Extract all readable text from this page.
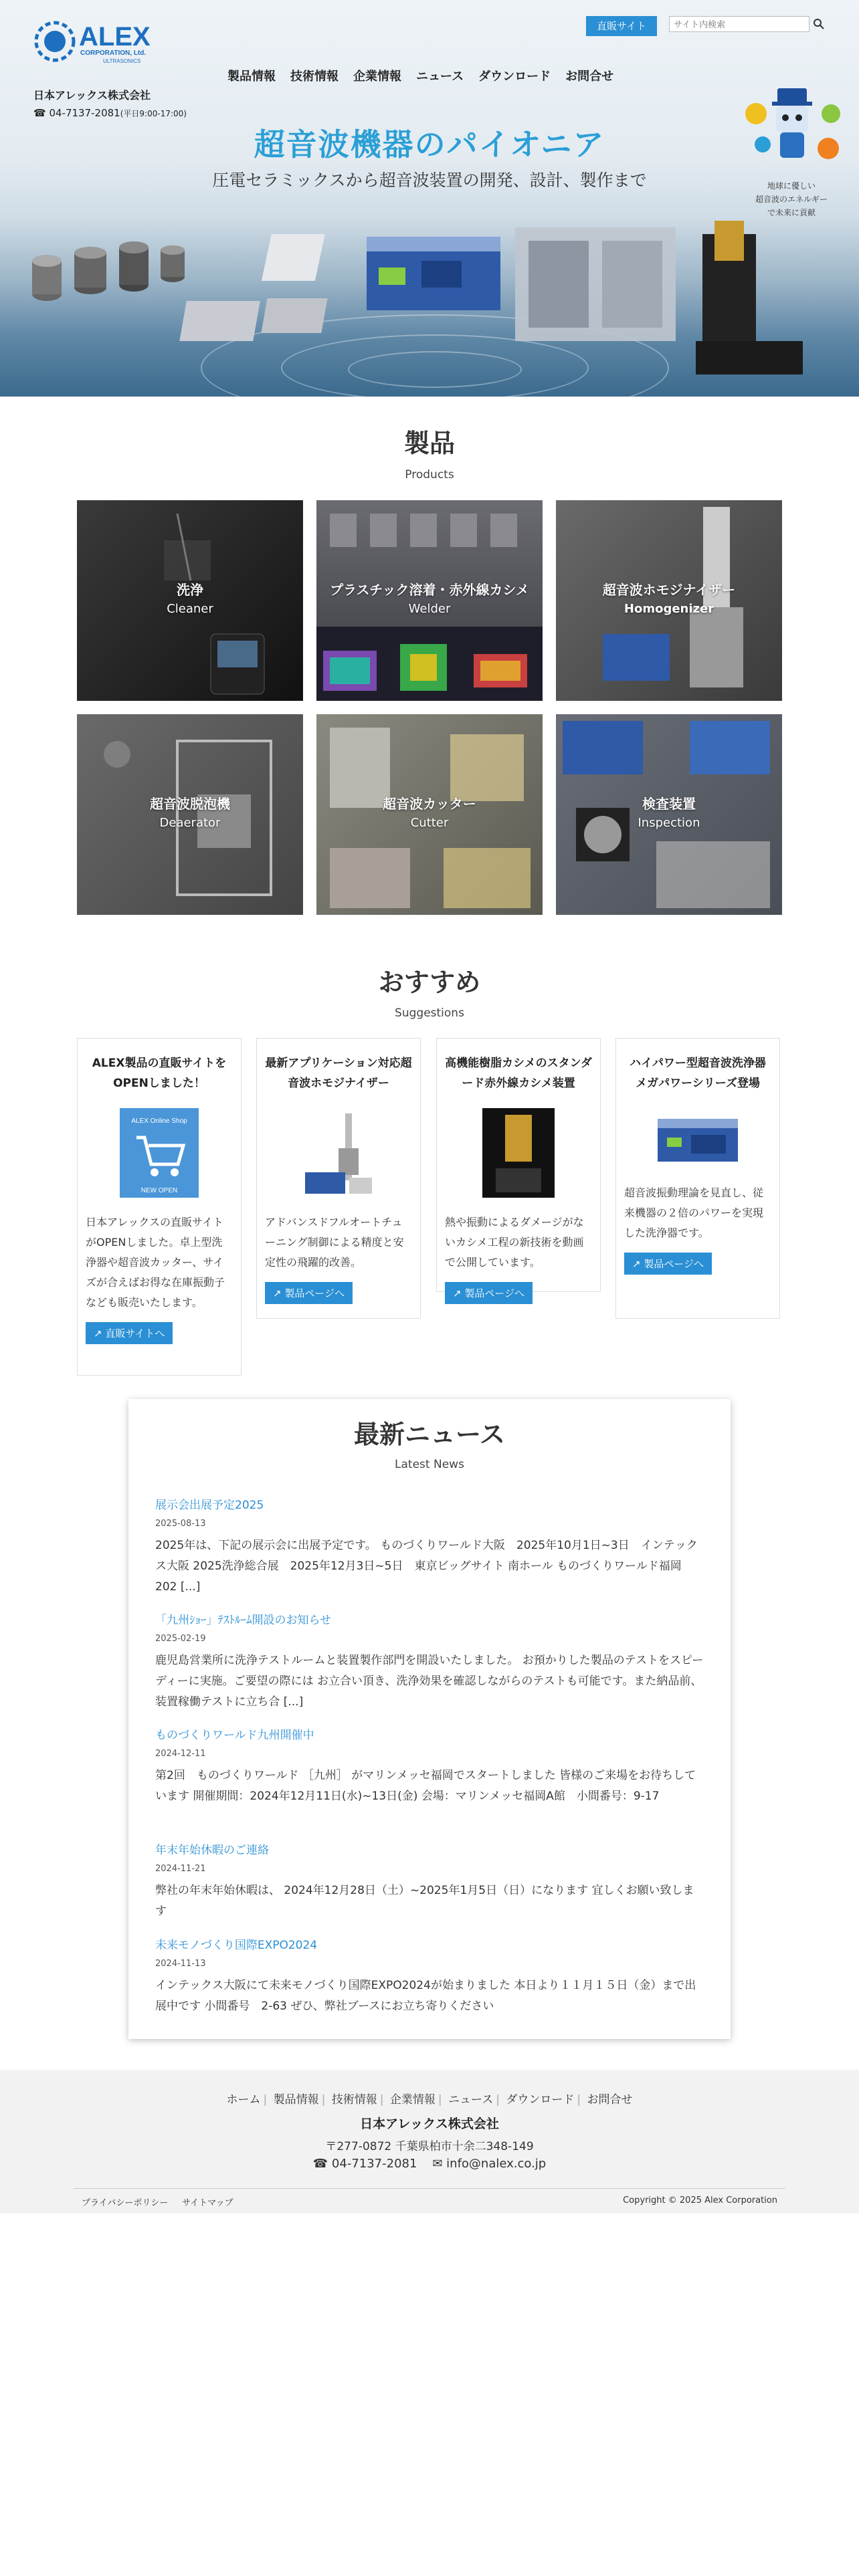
ALEX
CORPORATION, Ltd.
ULTRASONICS
日本アレックス株式会社
☎ 04-7137-2081(平日9:00-17:00)
直販サイト
サイト内検索
製品情報 技術情報 企業情報 ニュース ダウンロード お問合せ
超音波機器のパイオニア
圧電セラミックスから超音波装置の開発、設計、製作まで	地球に優しい
超音波のエネルギー
で未来に貢献
製品
Products
洗浄
Cleaner
プラスチック溶着・赤外線カシメ
Welder
超音波ホモジナイザー
Homogenizer
超音波脱泡機
Deaerator
超音波カッター
Cutter
検査装置
Inspection
おすすめ
Suggestions
ALEX製品の直販サイトをOPENしました！
ALEX Online Shop
NEW OPEN

日本アレックスの直販サイトがOPENしました。卓上型洗浄器や超音波カッター、サイズが合えばお得な在庫振動子なども販売いたします。

↗ 直販サイトへ
最新アプリケーション対応超音波ホモジナイザー

アドバンスドフルオートチューニング制御による精度と安定性の飛躍的改善。

↗ 製品ページへ
高機能樹脂カシメのスタンダード赤外線カシメ装置

熱や振動によるダメージがないカシメ工程の新技術を動画で公開しています。

↗ 製品ページへ
ハイパワー型超音波洗浄器メガパワーシリーズ登場

超音波振動理論を見直し、従来機器の２倍のパワーを実現した洗浄器です。

↗ 製品ページへ
最新ニュース
Latest News
展示会出展予定2025
2025-08-13
2025年は、下記の展示会に出展予定です。 ものづくりワールド大阪　2025年10月1日~3日　インテックス大阪 2025洗浄総合展　2025年12月3日~5日　東京ビッグサイト 南ホール ものづくりワールド福岡　202 [...]
「九州ｼｮｰ」ﾃｽﾄﾙｰﾑ開設のお知らせ
2025-02-19
鹿児島営業所に洗浄テストルームと装置製作部門を開設いたしました。 お預かりした製品のテストをスピーディーに実施。ご要望の際には お立合い頂き、洗浄効果を確認しながらのテストも可能です。また納品前、装置稼働テストに立ち合 [...]
ものづくりワールド九州開催中
2024-12-11
第2回　ものづくりワールド ［九州］ がマリンメッセ福岡でスタートしました 皆様のご来場をお待ちしています 開催期間：2024年12月11日(水)~13日(金) 会場：マリンメッセ福岡A館　小間番号：9-17
年末年始休暇のご連絡
2024-11-21
弊社の年末年始休暇は、 2024年12月28日（土）~2025年1月5日（日）になります 宜しくお願い致します
未来モノづくり国際EXPO2024
2024-11-13
インテックス大阪にて未来モノづくり国際EXPO2024が始まりました 本日より１１月１５日（金）まで出展中です 小間番号　2-63 ぜひ、弊社ブースにお立ち寄りください
ホーム | 製品情報 | 技術情報 | 企業情報 | ニュース | ダウンロード | お問合せ
日本アレックス株式会社
〒277-0872 千葉県柏市十余二348-149
☎ 04-7137-2081 ✉ info@nalex.co.jp
プライバシーポリシー サイトマップ	Copyright © 2025 Alex Corporation
